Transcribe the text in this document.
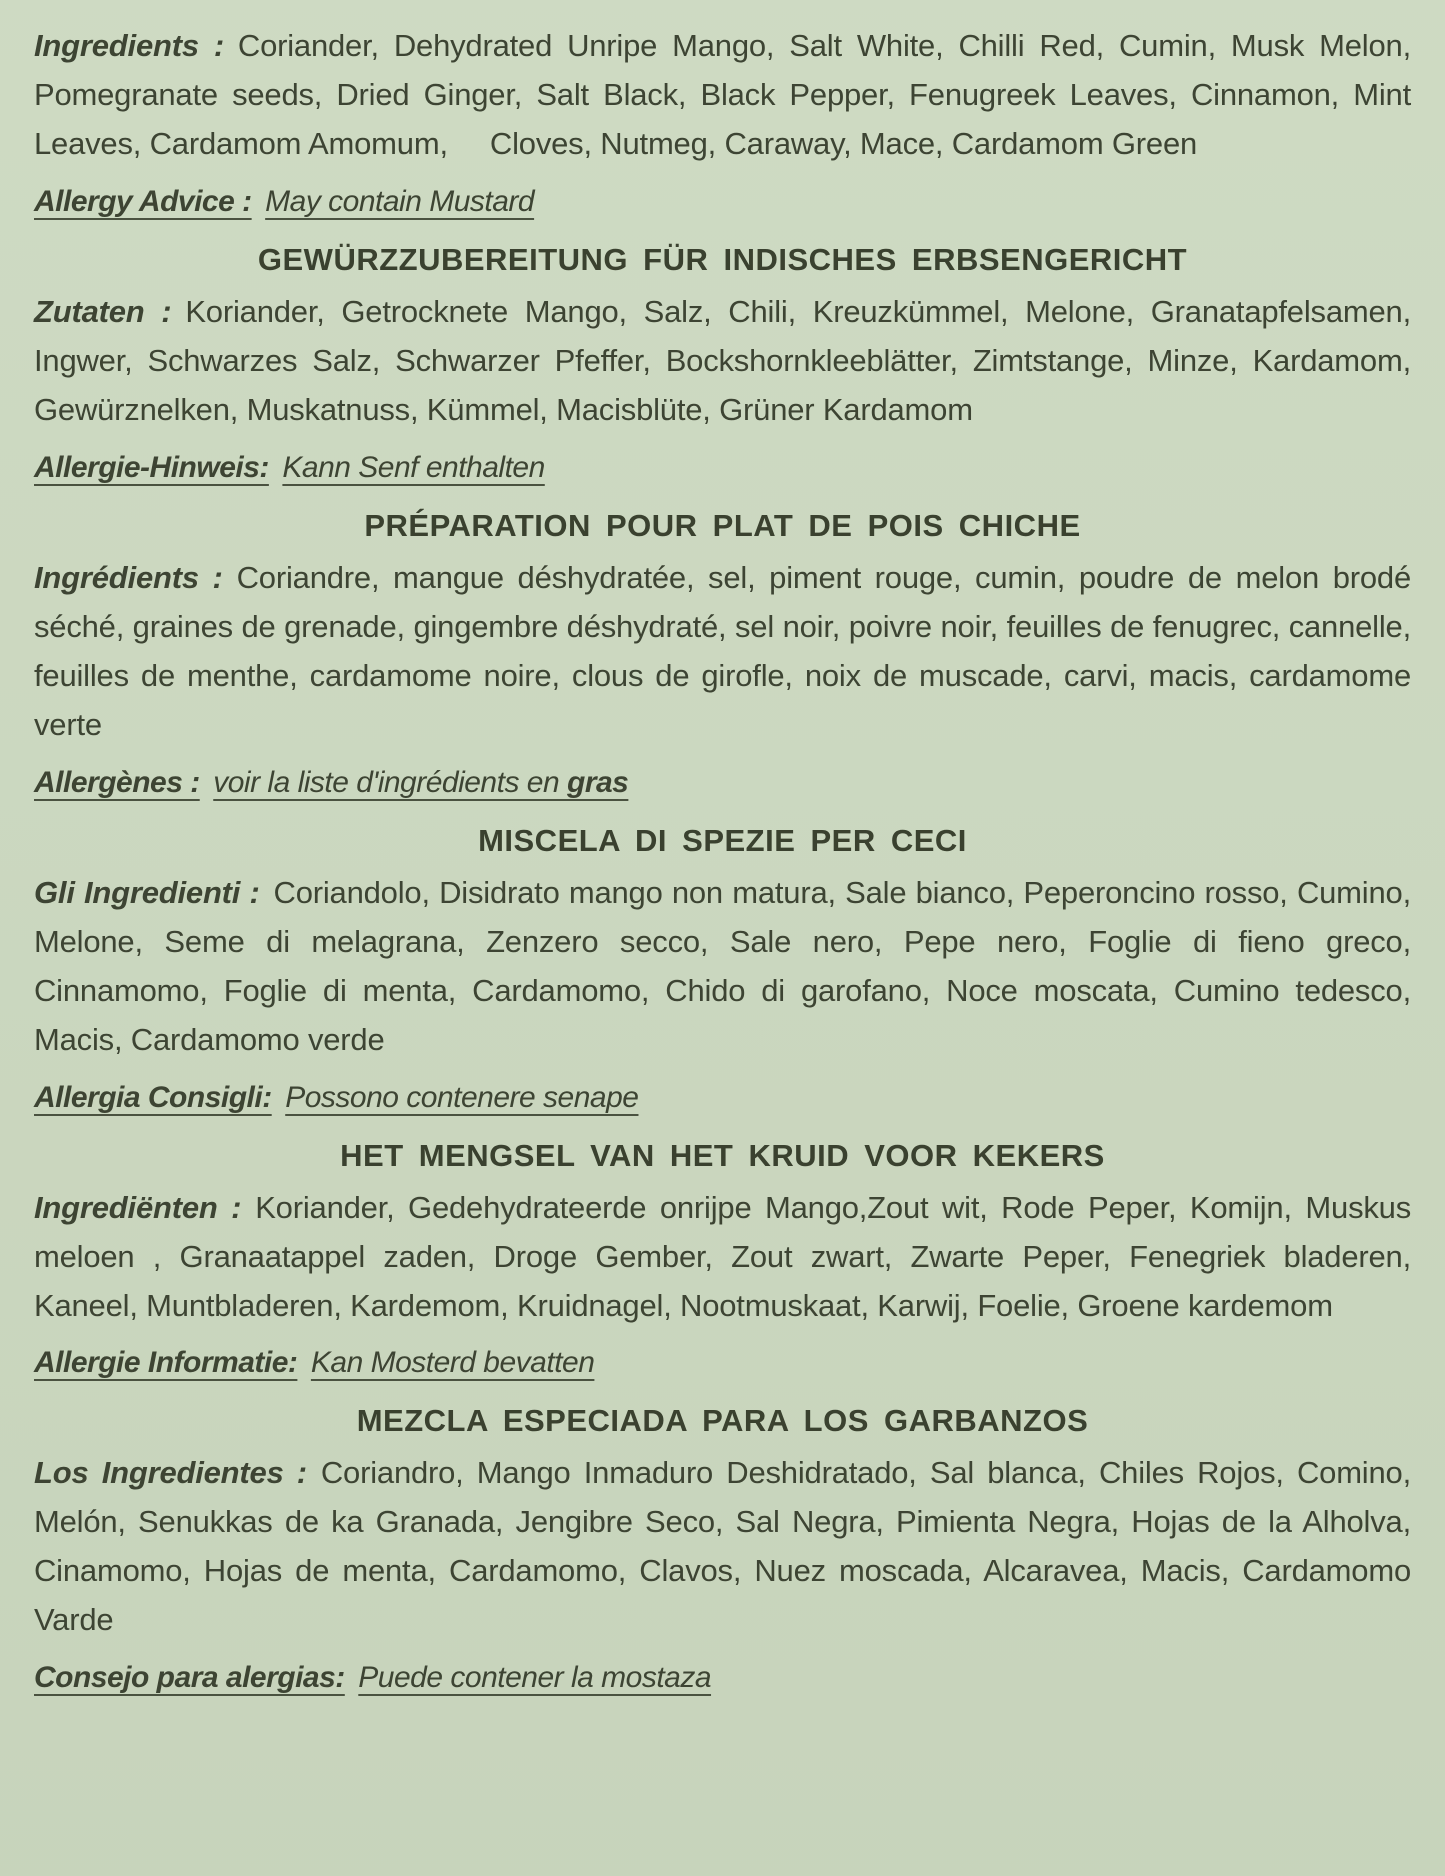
Ingredients : Coriander, Dehydrated Unripe Mango, Salt White, Chilli Red, Cumin, Musk Melon, Pomegranate seeds, Dried Ginger, Salt Black, Black Pepper, Fenugreek Leaves, Cinnamon, Mint Leaves, Cardamom Amomum,     Cloves, Nutmeg, Caraway, Mace, Cardamom Green

Allergy Advice : May contain Mustard

GEWÜRZZUBEREITUNG FÜR INDISCHES ERBSENGERICHT

Zutaten : Koriander, Getrocknete Mango, Salz, Chili, Kreuzkümmel, Melone, Granatapfelsamen, Ingwer, Schwarzes Salz, Schwarzer Pfeffer, Bockshornkleeblätter, Zimtstange, Minze, Kardamom, Gewürznelken, Muskatnuss, Kümmel, Macisblüte, Grüner Kardamom

Allergie-Hinweis: Kann Senf enthalten

PRÉPARATION POUR PLAT DE POIS CHICHE

Ingrédients : Coriandre, mangue déshydratée, sel, piment rouge, cumin, poudre de melon brodé séché, graines de grenade, gingembre déshydraté, sel noir, poivre noir, feuilles de fenugrec, cannelle, feuilles de menthe, cardamome noire, clous de girofle, noix de muscade, carvi, macis, cardamome verte

Allergènes : voir la liste d'ingrédients en gras

MISCELA DI SPEZIE PER CECI

Gli Ingredienti : Coriandolo, Disidrato mango non matura, Sale bianco, Peperoncino rosso, Cumino, Melone, Seme di melagrana, Zenzero secco, Sale nero, Pepe nero, Foglie di fieno greco, Cinnamomo, Foglie di menta, Cardamomo, Chido di garofano, Noce moscata, Cumino tedesco, Macis, Cardamomo verde

Allergia Consigli: Possono contenere senape

HET MENGSEL VAN HET KRUID VOOR KEKERS

Ingrediënten : Koriander, Gedehydrateerde onrijpe Mango,Zout wit, Rode Peper, Komijn, Muskus meloen , Granaatappel zaden, Droge Gember, Zout zwart, Zwarte Peper, Fenegriek bladeren, Kaneel, Muntbladeren, Kardemom, Kruidnagel, Nootmuskaat, Karwij, Foelie, Groene kardemom

Allergie Informatie: Kan Mosterd bevatten

MEZCLA ESPECIADA PARA LOS GARBANZOS

Los Ingredientes : Coriandro, Mango Inmaduro Deshidratado, Sal blanca, Chiles Rojos, Comino, Melón, Senukkas de ka Granada, Jengibre Seco, Sal Negra, Pimienta Negra, Hojas de la Alholva, Cinamomo, Hojas de menta, Cardamomo, Clavos, Nuez moscada, Alcaravea, Macis, Cardamomo Varde

Consejo para alergias: Puede contener la mostaza
